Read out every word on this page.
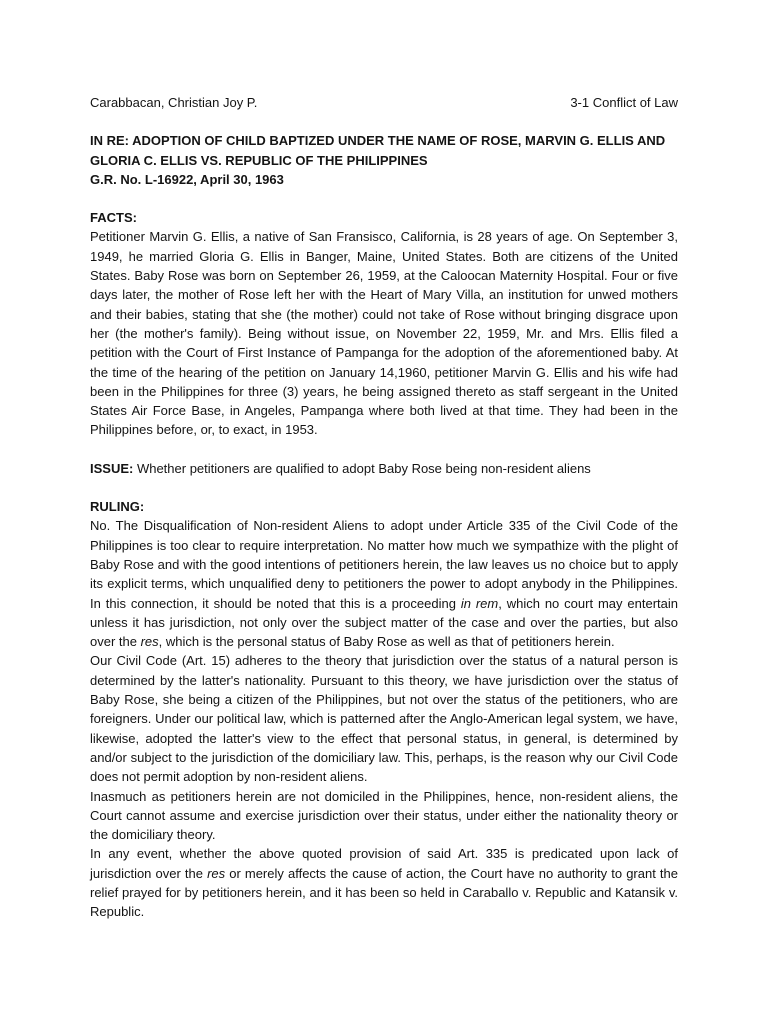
Carabbacan, Christian Joy P.	3-1 Conflict of Law
IN RE: ADOPTION OF CHILD BAPTIZED UNDER THE NAME OF ROSE, MARVIN G. ELLIS AND
GLORIA C. ELLIS VS. REPUBLIC OF THE PHILIPPINES
G.R. No. L-16922, April 30, 1963
FACTS:

Petitioner Marvin G. Ellis, a native of San Fransisco, California, is 28 years of age. On September 3, 1949, he married Gloria G. Ellis in Banger, Maine, United States. Both are citizens of the United States. Baby Rose was born on September 26, 1959, at the Caloocan Maternity Hospital. Four or five days later, the mother of Rose left her with the Heart of Mary Villa, an institution for unwed mothers and their babies, stating that she (the mother) could not take of Rose without bringing disgrace upon her (the mother's family). Being without issue, on November 22, 1959, Mr. and Mrs. Ellis filed a petition with the Court of First Instance of Pampanga for the adoption of the aforementioned baby. At the time of the hearing of the petition on January 14,1960, petitioner Marvin G. Ellis and his wife had been in the Philippines for three (3) years, he being assigned thereto as staff sergeant in the United States Air Force Base, in Angeles, Pampanga where both lived at that time. They had been in the Philippines before, or, to exact, in 1953.

ISSUE: Whether petitioners are qualified to adopt Baby Rose being non-resident aliens

RULING:

No. The Disqualification of Non-resident Aliens to adopt under Article 335 of the Civil Code of the Philippines is too clear to require interpretation. No matter how much we sympathize with the plight of Baby Rose and with the good intentions of petitioners herein, the law leaves us no choice but to apply its explicit terms, which unqualified deny to petitioners the power to adopt anybody in the Philippines. In this connection, it should be noted that this is a proceeding in rem, which no court may entertain unless it has jurisdiction, not only over the subject matter of the case and over the parties, but also over the res, which is the personal status of Baby Rose as well as that of petitioners herein.

Our Civil Code (Art. 15) adheres to the theory that jurisdiction over the status of a natural person is determined by the latter's nationality. Pursuant to this theory, we have jurisdiction over the status of Baby Rose, she being a citizen of the Philippines, but not over the status of the petitioners, who are foreigners. Under our political law, which is patterned after the Anglo-American legal system, we have, likewise, adopted the latter's view to the effect that personal status, in general, is determined by and/or subject to the jurisdiction of the domiciliary law. This, perhaps, is the reason why our Civil Code does not permit adoption by non-resident aliens.

Inasmuch as petitioners herein are not domiciled in the Philippines, hence, non-resident aliens, the Court cannot assume and exercise jurisdiction over their status, under either the nationality theory or the domiciliary theory.

In any event, whether the above quoted provision of said Art. 335 is predicated upon lack of jurisdiction over the res or merely affects the cause of action, the Court have no authority to grant the relief prayed for by petitioners herein, and it has been so held in Caraballo v. Republic and Katansik v. Republic.
